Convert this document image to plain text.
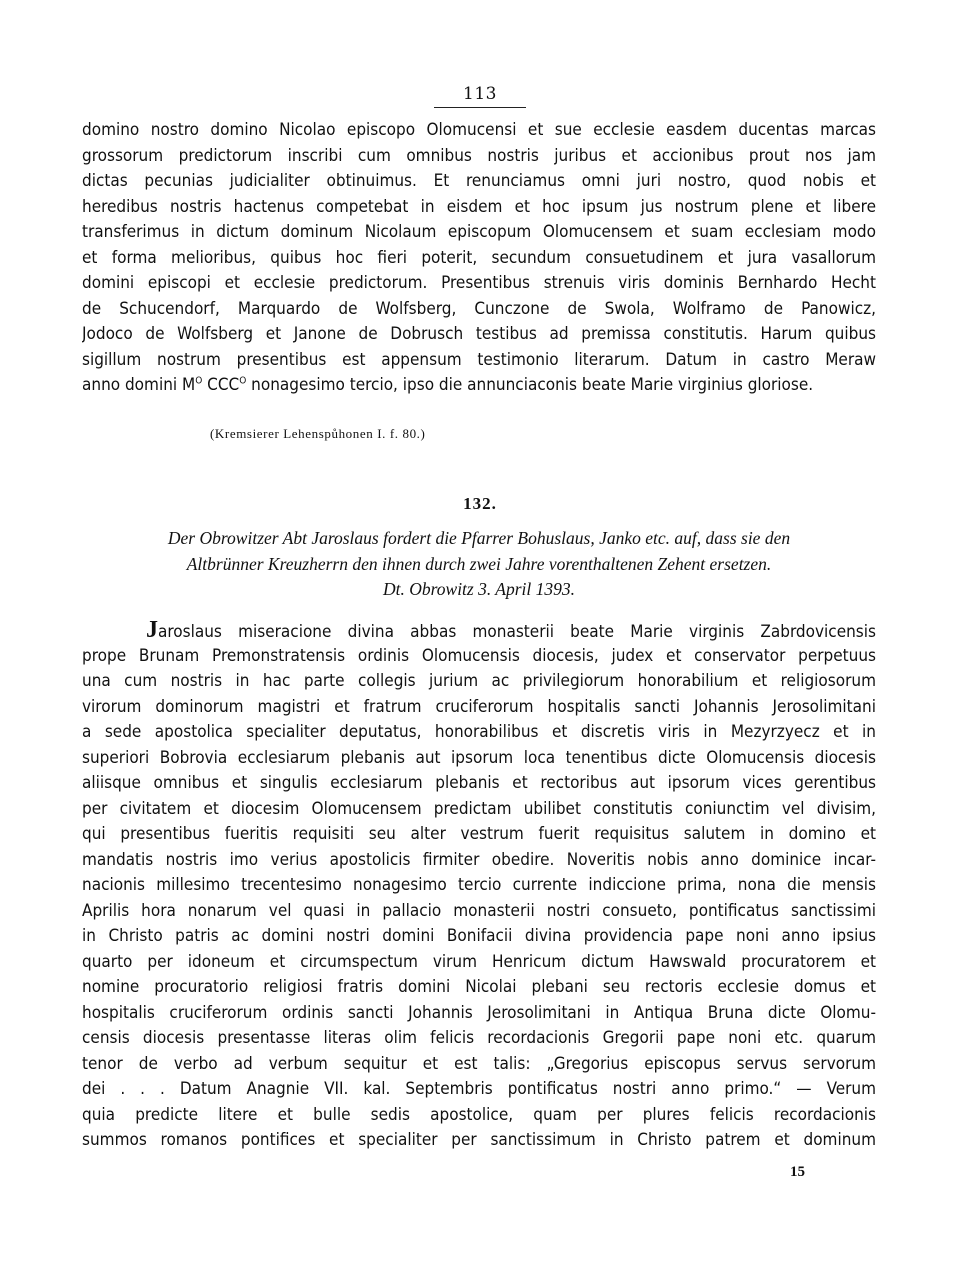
113
domino nostro domino Nicolao episcopo Olomucensi et sue ecclesie easdem ducentas marcas
grossorum predictorum inscribi cum omnibus nostris juribus et accionibus prout nos jam
dictas pecunias judicialiter obtinuimus. Et renunciamus omni juri nostro, quod nobis et
heredibus nostris hactenus competebat in eisdem et hoc ipsum jus nostrum plene et libere
transferimus in dictum dominum Nicolaum episcopum Olomucensem et suam ecclesiam modo
et forma melioribus, quibus hoc fieri poterit, secundum consuetudinem et jura vasallorum
domini episcopi et ecclesie predictorum. Presentibus strenuis viris dominis Bernhardo Hecht
de Schucendorf, Marquardo de Wolfsberg, Cunczone de Swola, Wolframo de Panowicz,
Jodoco de Wolfsberg et Janone de Dobrusch testibus ad premissa constitutis. Harum quibus
sigillum nostrum presentibus est appensum testimonio literarum. Datum in castro Meraw
anno domini $M^O$ $CCC^O$ nonagesimo tercio, ipso die annunciaconis beate Marie virginius gloriose.
(Kremsierer Lehenspůhonen I. f. 80.)
132.
Der Obrowitzer Abt Jaroslaus fordert die Pfarrer Bohuslaus, Janko etc. auf, dass sie den
Altbrünner Kreuzherrn den ihnen durch zwei Jahre vorenthaltenen Zehent ersetzen.
Dt. Obrowitz 3. April 1393.
J aroslaus miseracione divina abbas monasterii beate Marie virginis Zabrdovicensis
prope Brunam Premonstratensis ordinis Olomucensis diocesis, judex et conservator perpetuus
una cum nostris in hac parte collegis jurium ac privilegiorum honorabilium et religiosorum
virorum dominorum magistri et fratrum cruciferorum hospitalis sancti Johannis Jerosolimitani
a sede apostolica specialiter deputatus, honorabilibus et discretis viris in Mezyrzyecz et in
superiori Bobrovia ecclesiarum plebanis aut ipsorum loca tenentibus dicte Olomucensis diocesis
aliisque omnibus et singulis ecclesiarum plebanis et rectoribus aut ipsorum vices gerentibus
per civitatem et diocesim Olomucensem predictam ubilibet constitutis coniunctim vel divisim,
qui presentibus fueritis requisiti seu alter vestrum fuerit requisitus salutem in domino et
mandatis nostris imo verius apostolicis firmiter obedire. Noveritis nobis anno dominice incar-
nacionis millesimo trecentesimo nonagesimo tercio currente indiccione prima, nona die mensis
Aprilis hora nonarum vel quasi in pallacio monasterii nostri consueto, pontificatus sanctissimi
in Christo patris ac domini nostri domini Bonifacii divina providencia pape noni anno ipsius
quarto per idoneum et circumspectum virum Henricum dictum Hawswald procuratorem et
nomine procuratorio religiosi fratris domini Nicolai plebani seu rectoris ecclesie domus et
hospitalis cruciferorum ordinis sancti Johannis Jerosolimitani in Antiqua Bruna dicte Olomu-
censis diocesis presentasse literas olim felicis recordacionis Gregorii pape noni etc. quarum
tenor de verbo ad verbum sequitur et est talis: „Gregorius episcopus servus servorum
dei . . . Datum Anagnie VII. kal. Septembris pontificatus nostri anno primo.“ — Verum
quia predicte litere et bulle sedis apostolice, quam per plures felicis recordacionis
summos romanos pontifices et specialiter per sanctissimum in Christo patrem et dominum
15
